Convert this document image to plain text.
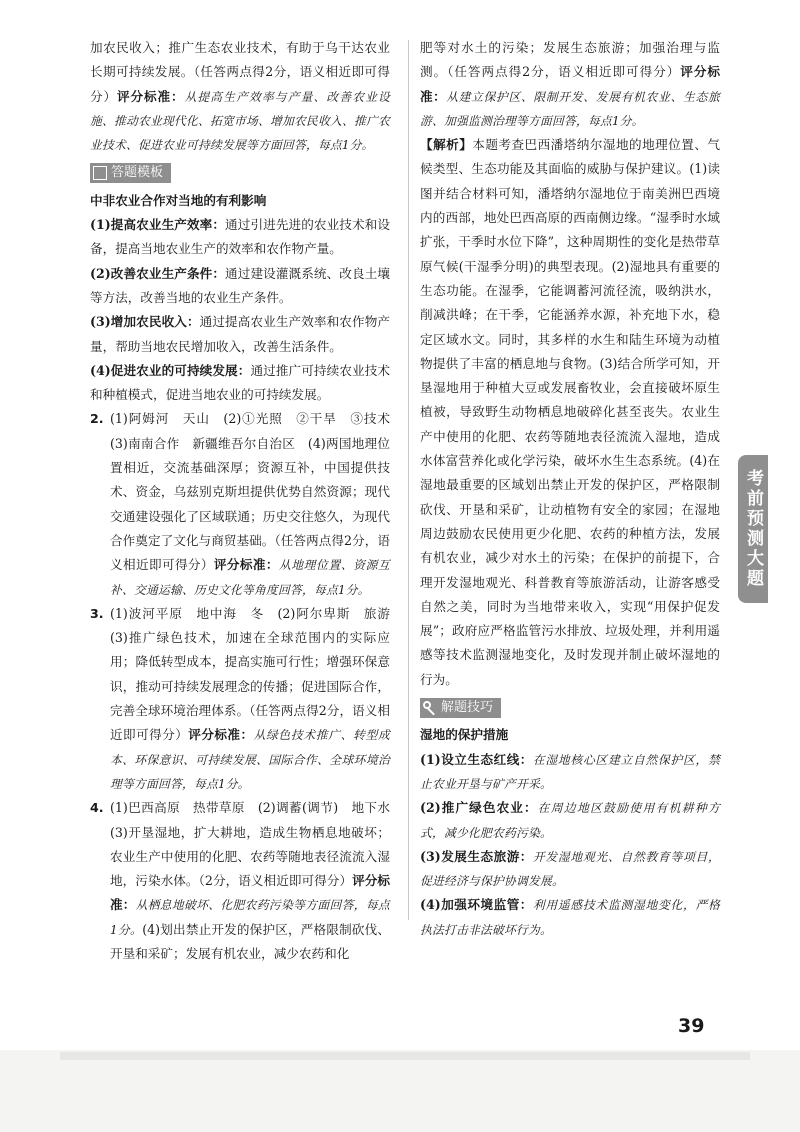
加农民收入；推广生态农业技术，有助于乌干达农业长期可持续发展。（任答两点得2分，语义相近即可得分）评分标准：从提高生产效率与产量、改善农业设施、推动农业现代化、拓宽市场、增加农民收入、推广农业技术、促进农业可持续发展等方面回答，每点1分。

答题模板

中非农业合作对当地的有利影响

(1)提高农业生产效率：通过引进先进的农业技术和设备，提高当地农业生产的效率和农作物产量。

(2)改善农业生产条件：通过建设灌溉系统、改良土壤等方法，改善当地的农业生产条件。

(3)增加农民收入：通过提高农业生产效率和农作物产量，帮助当地农民增加收入，改善生活条件。

(4)促进农业的可持续发展：通过推广可持续农业技术和种植模式，促进当地农业的可持续发展。

2. (1)阿姆河　天山　(2)①光照　②干旱　③技术　(3)南南合作　新疆维吾尔自治区　(4)两国地理位置相近，交流基础深厚；资源互补，中国提供技术、资金，乌兹别克斯坦提供优势自然资源；现代交通建设强化了区域联通；历史交往悠久，为现代合作奠定了文化与商贸基础。（任答两点得2分，语义相近即可得分）评分标准：从地理位置、资源互补、交通运输、历史文化等角度回答，每点1分。

3. (1)波河平原　地中海　冬　(2)阿尔卑斯　旅游　(3)推广绿色技术，加速在全球范围内的实际应用；降低转型成本，提高实施可行性；增强环保意识，推动可持续发展理念的传播；促进国际合作，完善全球环境治理体系。（任答两点得2分，语义相近即可得分）评分标准：从绿色技术推广、转型成本、环保意识、可持续发展、国际合作、全球环境治理等方面回答，每点1分。

4. (1)巴西高原　热带草原　(2)调蓄(调节)　地下水　(3)开垦湿地，扩大耕地，造成生物栖息地破坏；农业生产中使用的化肥、农药等随地表径流流入湿地，污染水体。（2分，语义相近即可得分）评分标准：从栖息地破坏、化肥农药污染等方面回答，每点1分。(4)划出禁止开发的保护区，严格限制砍伐、开垦和采矿；发展有机农业，减少农药和化

肥等对水土的污染；发展生态旅游；加强治理与监测。（任答两点得2分，语义相近即可得分）评分标准：从建立保护区、限制开发、发展有机农业、生态旅游、加强监测治理等方面回答，每点1分。

【解析】本题考查巴西潘塔纳尔湿地的地理位置、气候类型、生态功能及其面临的威胁与保护建议。(1)读图并结合材料可知，潘塔纳尔湿地位于南美洲巴西境内的西部，地处巴西高原的西南侧边缘。“湿季时水域扩张，干季时水位下降”，这种周期性的变化是热带草原气候(干湿季分明)的典型表现。(2)湿地具有重要的生态功能。在湿季，它能调蓄河流径流，吸纳洪水，削减洪峰；在干季，它能涵养水源，补充地下水，稳定区域水文。同时，其多样的水生和陆生环境为动植物提供了丰富的栖息地与食物。(3)结合所学可知，开垦湿地用于种植大豆或发展畜牧业，会直接破坏原生植被，导致野生动物栖息地破碎化甚至丧失。农业生产中使用的化肥、农药等随地表径流流入湿地，造成水体富营养化或化学污染，破坏水生生态系统。(4)在湿地最重要的区域划出禁止开发的保护区，严格限制砍伐、开垦和采矿，让动植物有安全的家园；在湿地周边鼓励农民使用更少化肥、农药的种植方法，发展有机农业，减少对水土的污染；在保护的前提下，合理开发湿地观光、科普教育等旅游活动，让游客感受自然之美，同时为当地带来收入，实现“用保护促发展”；政府应严格监管污水排放、垃圾处理，并利用遥感等技术监测湿地变化，及时发现并制止破坏湿地的行为。

解题技巧

湿地的保护措施

(1)设立生态红线：在湿地核心区建立自然保护区，禁止农业开垦与矿产开采。

(2)推广绿色农业：在周边地区鼓励使用有机耕种方式，减少化肥农药污染。

(3)发展生态旅游：开发湿地观光、自然教育等项目，促进经济与保护协调发展。

(4)加强环境监管：利用遥感技术监测湿地变化，严格执法打击非法破坏行为。

考前预测大题
39
